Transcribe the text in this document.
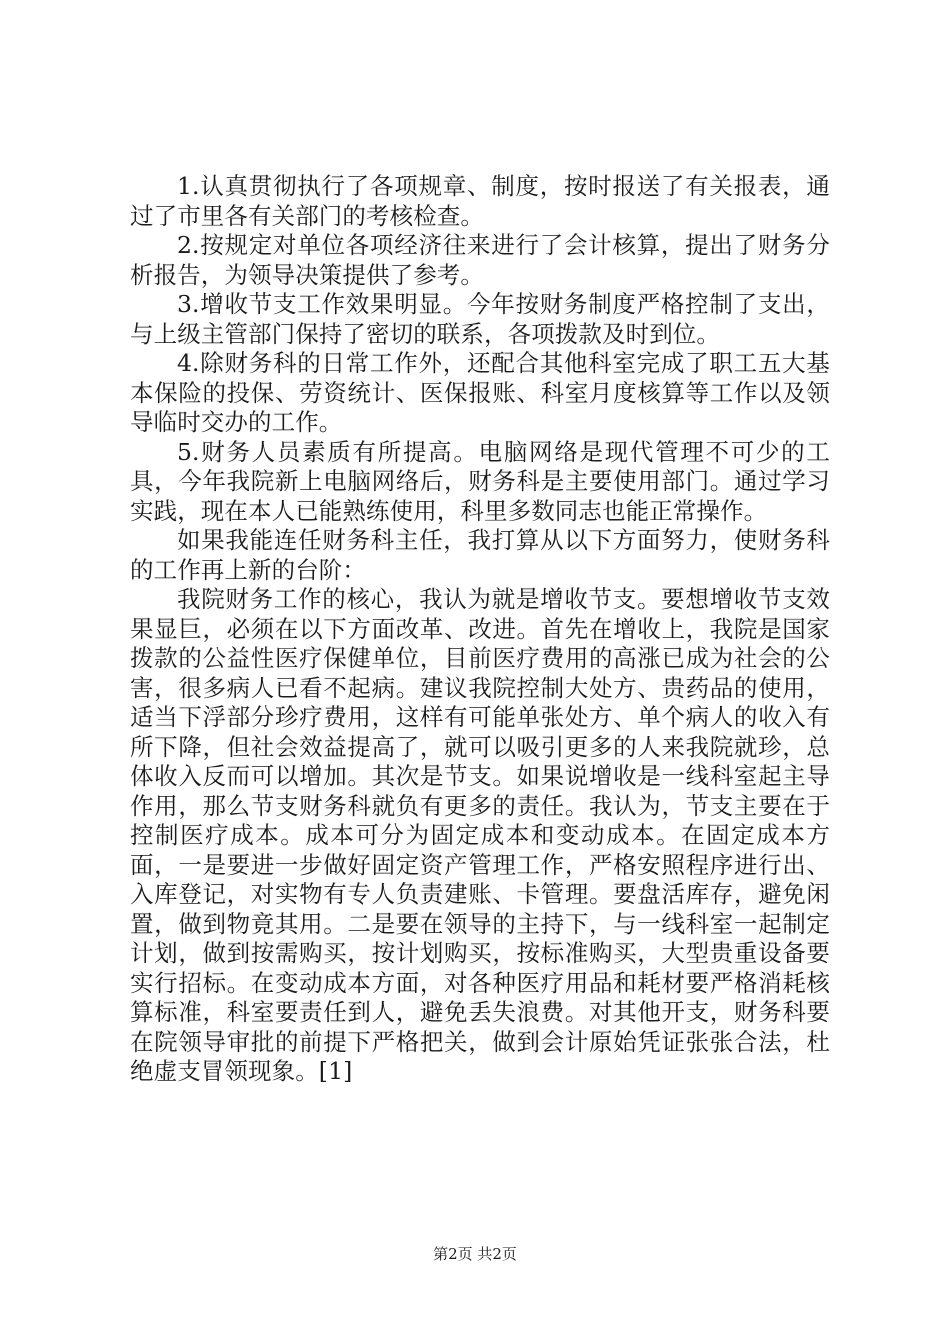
1.认真贯彻执行了各项规章、制度，按时报送了有关报表，通过了市里各有关部门的考核检查。

2.按规定对单位各项经济往来进行了会计核算，提出了财务分析报告，为领导决策提供了参考。

3.增收节支工作效果明显。今年按财务制度严格控制了支出，与上级主管部门保持了密切的联系，各项拨款及时到位。

4.除财务科的日常工作外，还配合其他科室完成了职工五大基本保险的投保、劳资统计、医保报账、科室月度核算等工作以及领导临时交办的工作。

5.财务人员素质有所提高。电脑网络是现代管理不可少的工具，今年我院新上电脑网络后，财务科是主要使用部门。通过学习实践，现在本人已能熟练使用，科里多数同志也能正常操作。

如果我能连任财务科主任，我打算从以下方面努力，使财务科的工作再上新的台阶：

我院财务工作的核心，我认为就是增收节支。要想增收节支效果显巨，必须在以下方面改革、改进。首先在增收上，我院是国家拨款的公益性医疗保健单位，目前医疗费用的高涨已成为社会的公害，很多病人已看不起病。建议我院控制大处方、贵药品的使用，适当下浮部分珍疗费用，这样有可能单张处方、单个病人的收入有所下降，但社会效益提高了，就可以吸引更多的人来我院就珍，总体收入反而可以增加。其次是节支。如果说增收是一线科室起主导作用，那么节支财务科就负有更多的责任。我认为，节支主要在于控制医疗成本。成本可分为固定成本和变动成本。在固定成本方面，一是要进一步做好固定资产管理工作，严格安照程序进行出、入库登记，对实物有专人负责建账、卡管理。要盘活库存，避免闲置，做到物竟其用。二是要在领导的主持下，与一线科室一起制定计划，做到按需购买，按计划购买，按标准购买，大型贵重设备要实行招标。在变动成本方面，对各种医疗用品和耗材要严格消耗核算标准，科室要责任到人，避免丢失浪费。对其他开支，财务科要在院领导审批的前提下严格把关，做到会计原始凭证张张合法，杜绝虚支冒领现象。[1]

第2页 共2页
